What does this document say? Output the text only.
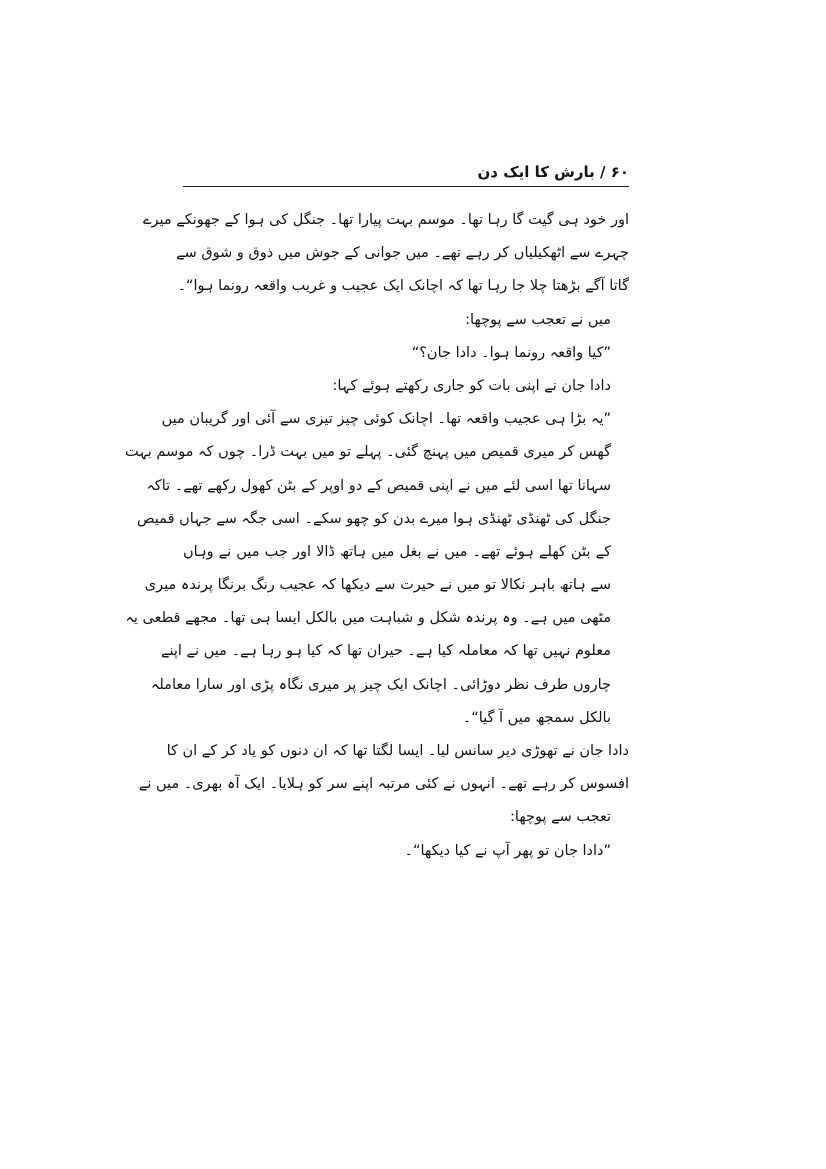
۶۰ / بارش کا ایک دن
اور خود ہی گیت گا رہا تھا۔ موسم بہت پیارا تھا۔ جنگل کی ہوا کے جھونکے میرے
چہرے سے اٹھکیلیاں کر رہے تھے۔ میں جوانی کے جوش میں ذوق و شوق سے
گاتا آگے بڑھتا چلا جا رہا تھا کہ اچانک ایک عجیب و غریب واقعہ رونما ہوا“۔
میں نے تعجب سے پوچھا:
”کیا واقعہ رونما ہوا۔ دادا جان؟“
دادا جان نے اپنی بات کو جاری رکھتے ہوئے کہا:
”یہ بڑا ہی عجیب واقعہ تھا۔ اچانک کوئی چیز تیزی سے آئی اور گریبان میں
گھس کر میری قمیص میں پہنچ گئی۔ پہلے تو میں بہت ڈرا۔ چوں کہ موسم بہت
سہانا تھا اسی لئے میں نے اپنی قمیص کے دو اوپر کے بٹن کھول رکھے تھے۔ تاکہ
جنگل کی ٹھنڈی ٹھنڈی ہوا میرے بدن کو چھو سکے۔ اسی جگہ سے جہاں قمیص
کے بٹن کھلے ہوئے تھے۔ میں نے بغل میں ہاتھ ڈالا اور جب میں نے وہاں
سے ہاتھ باہر نکالا تو میں نے حیرت سے دیکھا کہ عجیب رنگ برنگا پرندہ میری
مٹھی میں ہے۔ وہ پرندہ شکل و شباہت میں بالکل ایسا ہی تھا۔ مجھے قطعی یہ
معلوم نہیں تھا کہ معاملہ کیا ہے۔ حیران تھا کہ کیا ہو رہا ہے۔ میں نے اپنے
چاروں طرف نظر دوڑائی۔ اچانک ایک چیز پر میری نگاہ پڑی اور سارا معاملہ
بالکل سمجھ میں آ گیا“۔
دادا جان نے تھوڑی دیر سانس لیا۔ ایسا لگتا تھا کہ ان دنوں کو یاد کر کے ان کا
افسوس کر رہے تھے۔ انہوں نے کئی مرتبہ اپنے سر کو ہلایا۔ ایک آہ بھری۔ میں نے
تعجب سے پوچھا:
”دادا جان تو پھر آپ نے کیا دیکھا“۔
